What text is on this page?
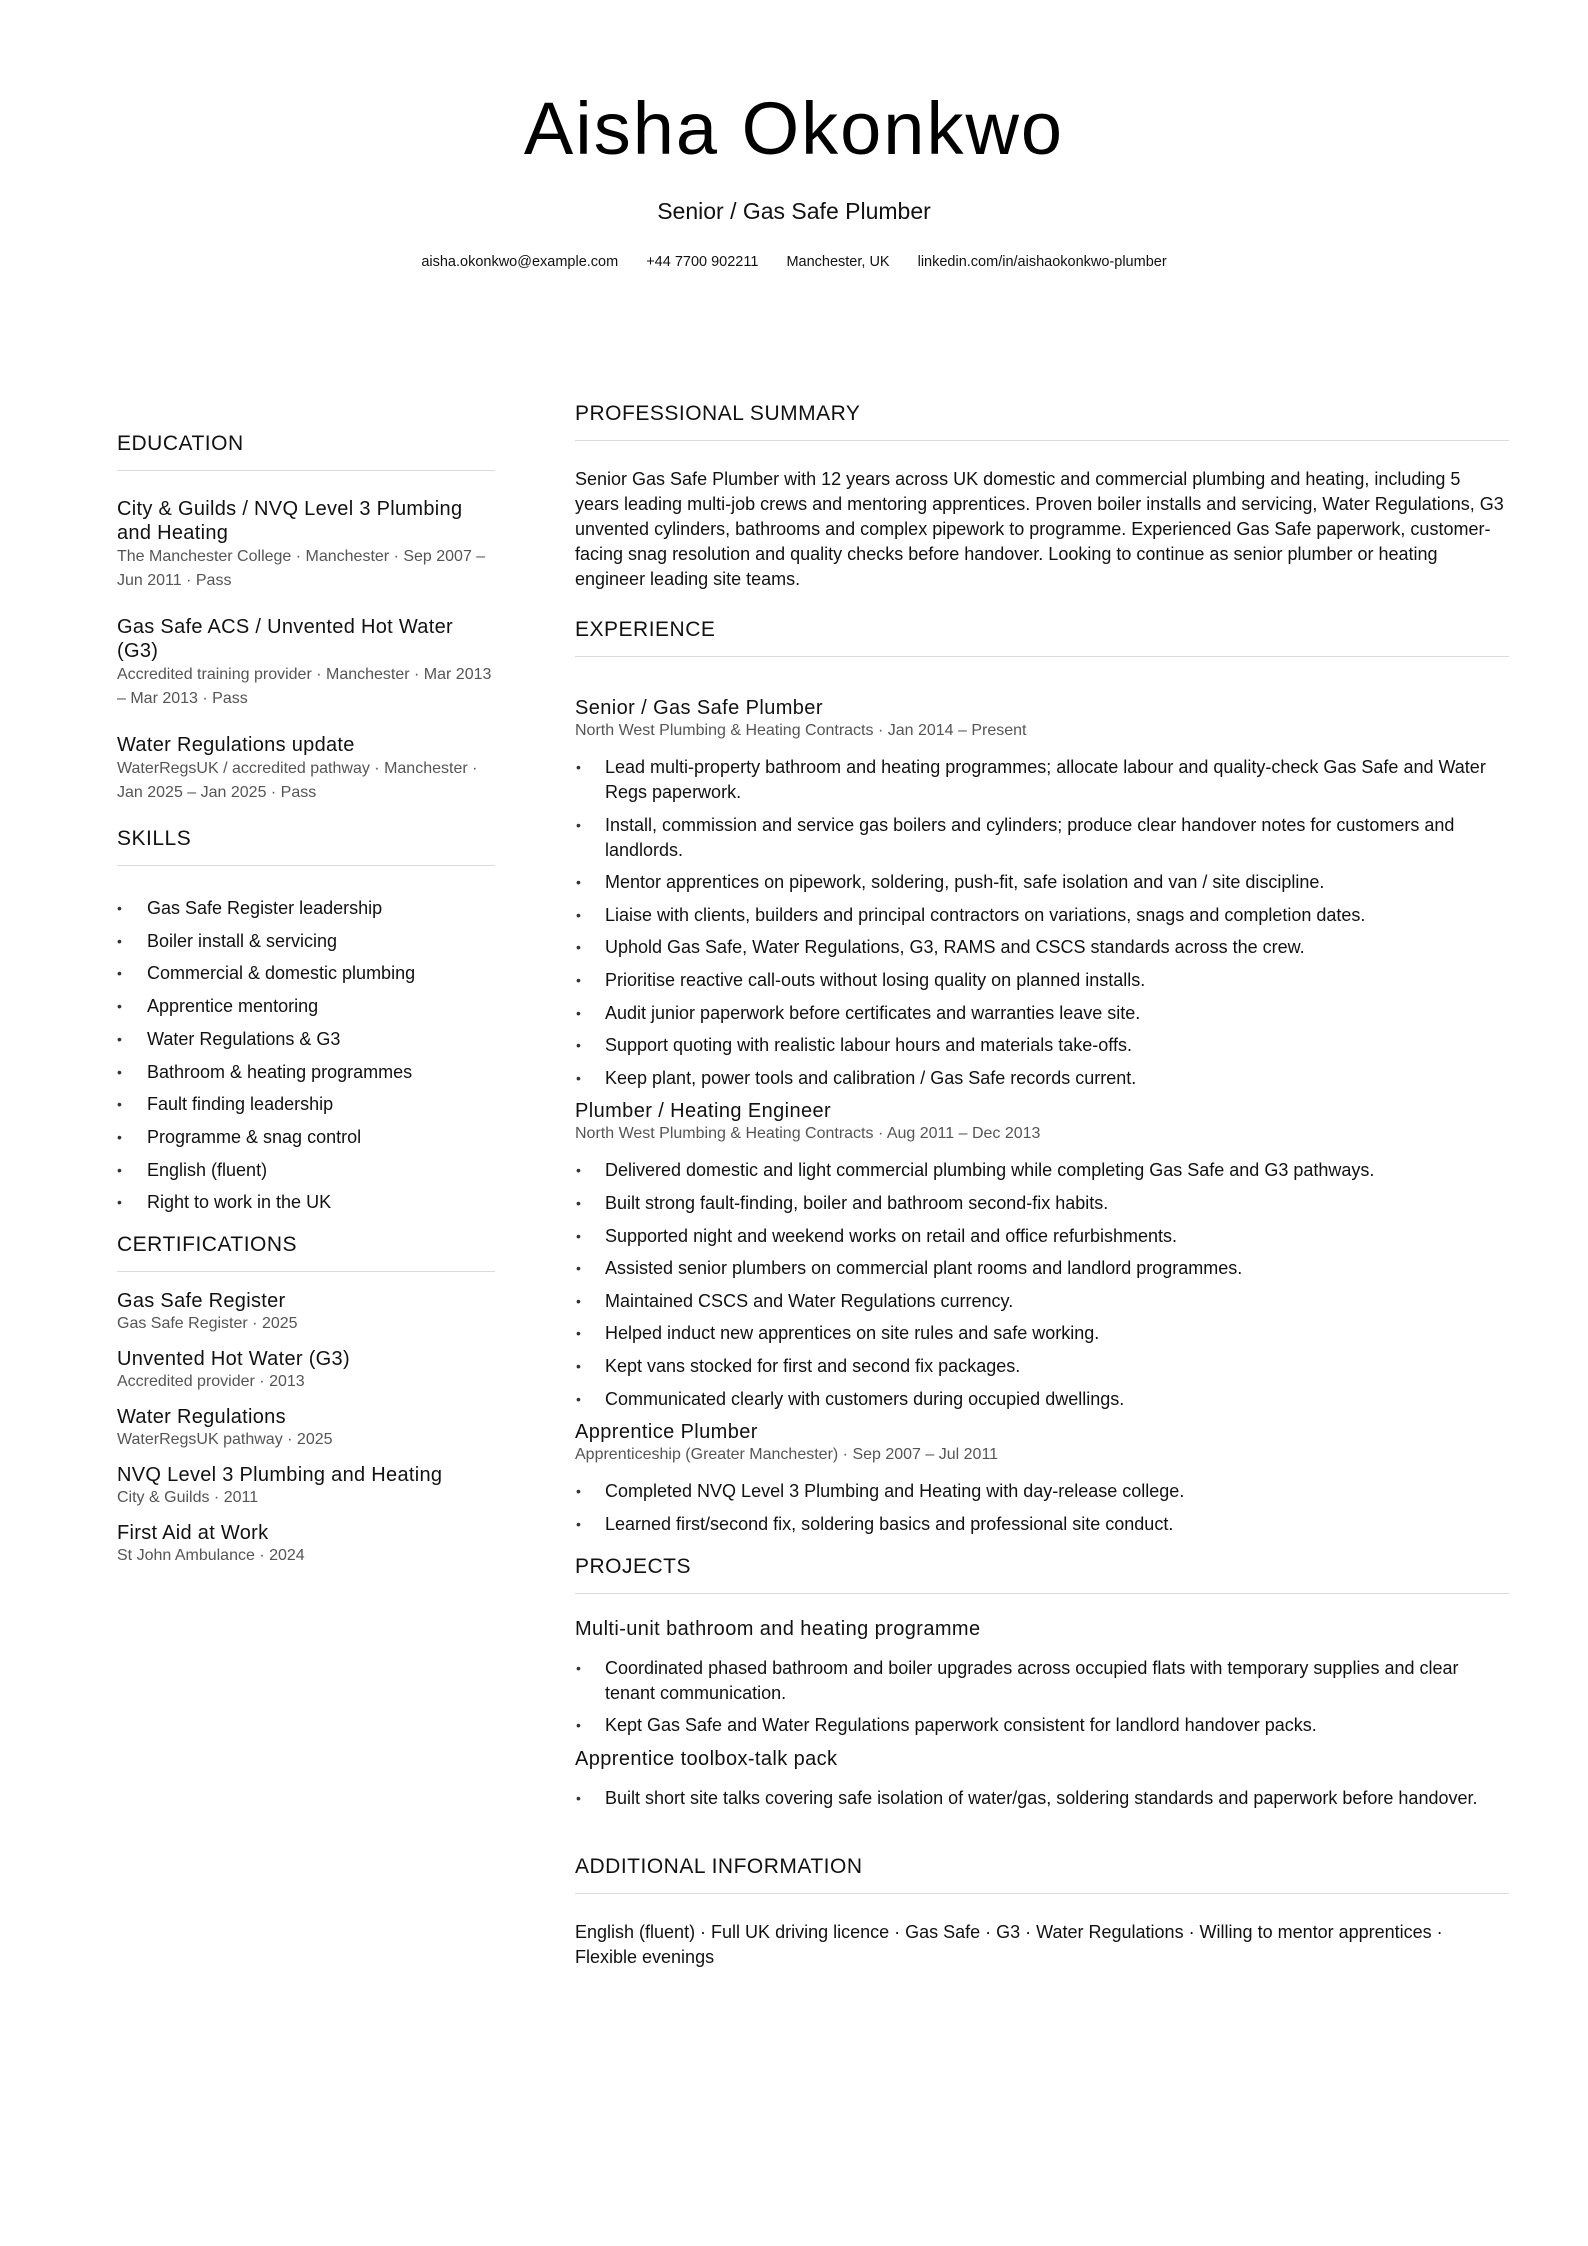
Aisha Okonkwo
Senior / Gas Safe Plumber
aisha.okonkwo@example.com +44 7700 902211 Manchester, UK linkedin.com/in/aishaokonkwo-plumber
EDUCATION
City & Guilds / NVQ Level 3 Plumbing and Heating
The Manchester College · Manchester · Sep 2007 – Jun 2011 · Pass
Gas Safe ACS / Unvented Hot Water (G3)
Accredited training provider · Manchester · Mar 2013 – Mar 2013 · Pass
Water Regulations update
WaterRegsUK / accredited pathway · Manchester · Jan 2025 – Jan 2025 · Pass
SKILLS
• Gas Safe Register leadership
• Boiler install & servicing
• Commercial & domestic plumbing
• Apprentice mentoring
• Water Regulations & G3
• Bathroom & heating programmes
• Fault finding leadership
• Programme & snag control
• English (fluent)
• Right to work in the UK
CERTIFICATIONS
Gas Safe Register
Gas Safe Register · 2025
Unvented Hot Water (G3)
Accredited provider · 2013
Water Regulations
WaterRegsUK pathway · 2025
NVQ Level 3 Plumbing and Heating
City & Guilds · 2011
First Aid at Work
St John Ambulance · 2024
PROFESSIONAL SUMMARY

Senior Gas Safe Plumber with 12 years across UK domestic and commercial plumbing and heating, including 5 years leading multi-job crews and mentoring apprentices. Proven boiler installs and servicing, Water Regulations, G3 unvented cylinders, bathrooms and complex pipework to programme. Experienced Gas Safe paperwork, customer-facing snag resolution and quality checks before handover. Looking to continue as senior plumber or heating engineer leading site teams.

EXPERIENCE
Senior / Gas Safe Plumber
North West Plumbing & Heating Contracts · Jan 2014 – Present
• Lead multi-property bathroom and heating programmes; allocate labour and quality-check Gas Safe and Water Regs paperwork.
• Install, commission and service gas boilers and cylinders; produce clear handover notes for customers and landlords.
• Mentor apprentices on pipework, soldering, push-fit, safe isolation and van / site discipline.
• Liaise with clients, builders and principal contractors on variations, snags and completion dates.
• Uphold Gas Safe, Water Regulations, G3, RAMS and CSCS standards across the crew.
• Prioritise reactive call-outs without losing quality on planned installs.
• Audit junior paperwork before certificates and warranties leave site.
• Support quoting with realistic labour hours and materials take-offs.
• Keep plant, power tools and calibration / Gas Safe records current.
Plumber / Heating Engineer
North West Plumbing & Heating Contracts · Aug 2011 – Dec 2013
• Delivered domestic and light commercial plumbing while completing Gas Safe and G3 pathways.
• Built strong fault-finding, boiler and bathroom second-fix habits.
• Supported night and weekend works on retail and office refurbishments.
• Assisted senior plumbers on commercial plant rooms and landlord programmes.
• Maintained CSCS and Water Regulations currency.
• Helped induct new apprentices on site rules and safe working.
• Kept vans stocked for first and second fix packages.
• Communicated clearly with customers during occupied dwellings.
Apprentice Plumber
Apprenticeship (Greater Manchester) · Sep 2007 – Jul 2011
• Completed NVQ Level 3 Plumbing and Heating with day-release college.
• Learned first/second fix, soldering basics and professional site conduct.
PROJECTS
Multi-unit bathroom and heating programme
• Coordinated phased bathroom and boiler upgrades across occupied flats with temporary supplies and clear tenant communication.
• Kept Gas Safe and Water Regulations paperwork consistent for landlord handover packs.
Apprentice toolbox-talk pack
• Built short site talks covering safe isolation of water/gas, soldering standards and paperwork before handover.
ADDITIONAL INFORMATION

English (fluent) · Full UK driving licence · Gas Safe · G3 · Water Regulations · Willing to mentor apprentices · Flexible evenings
